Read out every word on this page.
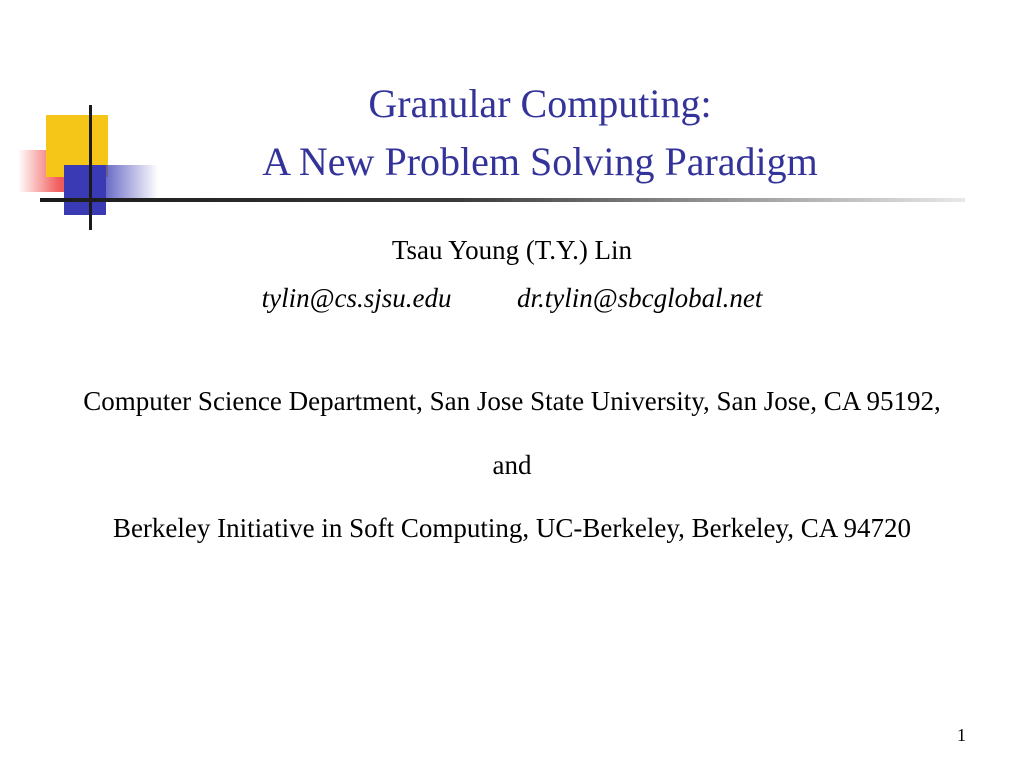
Granular Computing:
A New Problem Solving Paradigm

Tsau Young (T.Y.) Lin

tylin@cs.sjsu.edu dr.tylin@sbcglobal.net

Computer Science Department, San Jose State University, San Jose, CA 95192,

and

Berkeley Initiative in Soft Computing, UC-Berkeley, Berkeley, CA 94720

1
